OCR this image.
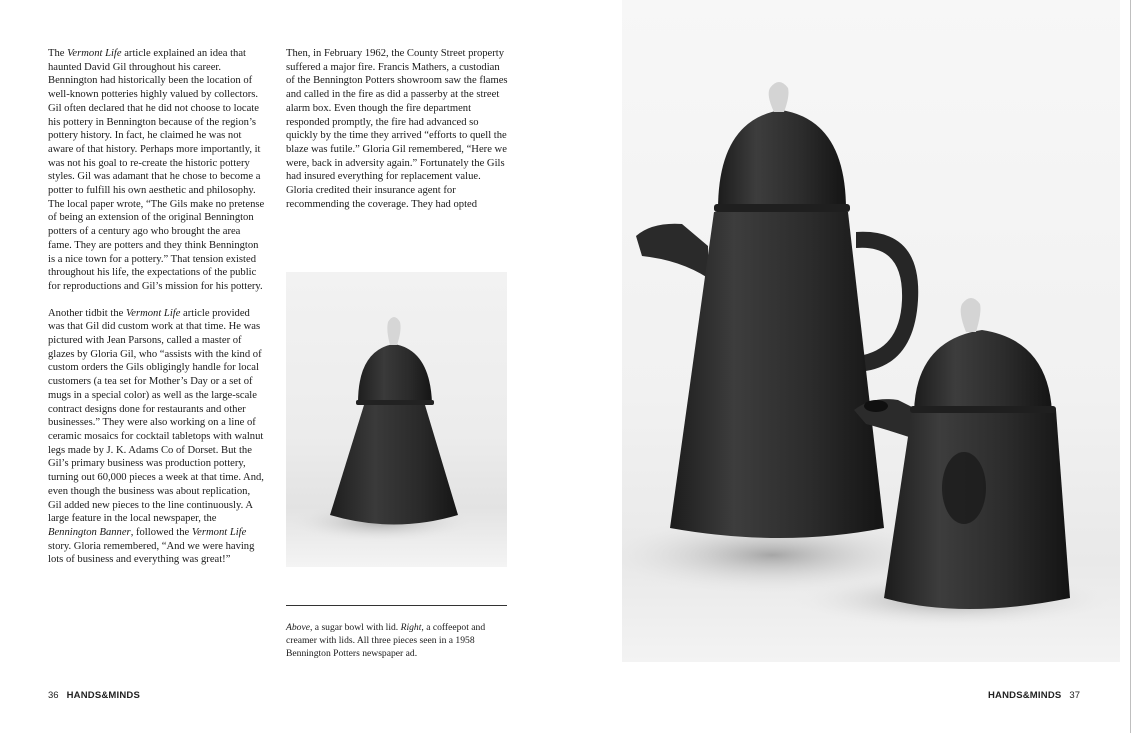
The Vermont Life article explained an idea that haunted David Gil throughout his career. Bennington had historically been the location of well-known potteries highly valued by collectors. Gil often declared that he did not choose to locate his pottery in Bennington because of the region’s pottery history. In fact, he claimed he was not aware of that history. Perhaps more importantly, it was not his goal to re-create the historic pottery styles. Gil was adamant that he chose to become a potter to fulfill his own aesthetic and philosophy. The local paper wrote, “The Gils make no pretense of being an extension of the original Bennington potters of a century ago who brought the area fame. They are potters and they think Bennington is a nice town for a pottery.” That tension existed throughout his life, the expectations of the public for reproductions and Gil’s mission for his pottery.

Another tidbit the Vermont Life article provided was that Gil did custom work at that time. He was pictured with Jean Parsons, called a master of glazes by Gloria Gil, who “assists with the kind of custom orders the Gils obligingly handle for local customers (a tea set for Mother’s Day or a set of mugs in a special color) as well as the large-scale contract designs done for restaurants and other businesses.” They were also working on a line of ceramic mosaics for cocktail tabletops with walnut legs made by J. K. Adams Co of Dorset. But the Gil’s primary business was production pottery, turning out 60,000 pieces a week at that time. And, even though the business was about replication, Gil added new pieces to the line continuously. A large feature in the local newspaper, the Bennington Banner, followed the Vermont Life story. Gloria remembered, “And we were having lots of business and everything was great!”

Then, in February 1962, the County Street property suffered a major fire. Francis Mathers, a custodian of the Bennington Potters showroom saw the flames and called in the fire as did a passerby at the street alarm box. Even though the fire department responded promptly, the fire had advanced so quickly by the time they arrived “efforts to quell the blaze was futile.” Gloria Gil remembered, “Here we were, back in adversity again.” Fortunately the Gils had insured everything for replacement value. Gloria credited their insurance agent for recommending the coverage. They had opted

Above, a sugar bowl with lid. Right, a coffeepot and creamer with lids. All three pieces seen in a 1958 Bennington Potters newspaper ad.
36 HANDS&MINDS	HANDS&MINDS 37
